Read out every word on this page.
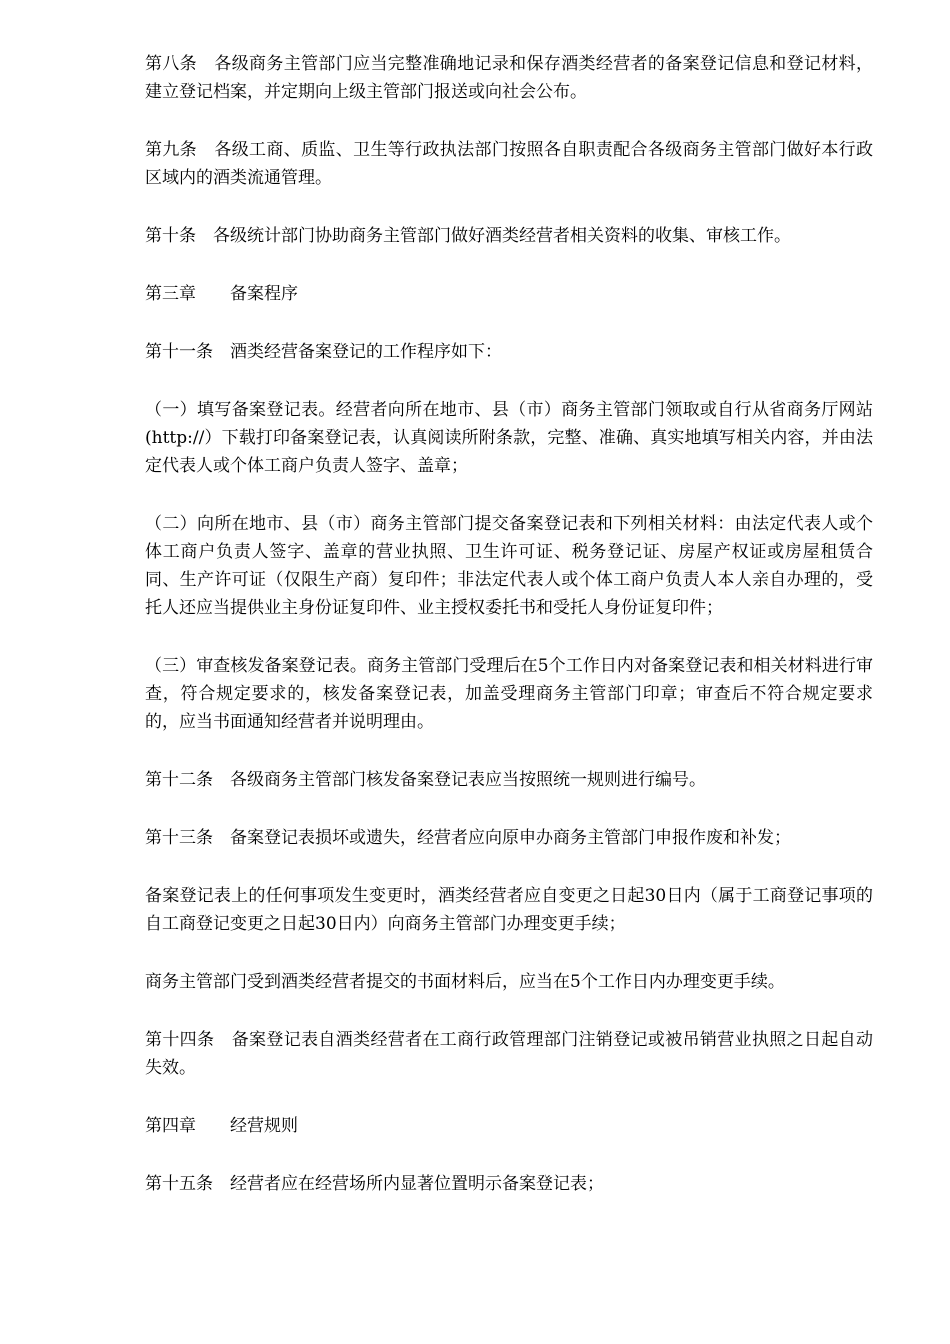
第八条　各级商务主管部门应当完整准确地记录和保存酒类经营者的备案登记信息和登记材料，建立登记档案，并定期向上级主管部门报送或向社会公布。

第九条　各级工商、质监、卫生等行政执法部门按照各自职责配合各级商务主管部门做好本行政区域内的酒类流通管理。

第十条　各级统计部门协助商务主管部门做好酒类经营者相关资料的收集、审核工作。

第三章　　备案程序

第十一条　酒类经营备案登记的工作程序如下：

（一）填写备案登记表。经营者向所在地市、县（市）商务主管部门领取或自行从省商务厅网站(http://）下载打印备案登记表，认真阅读所附条款，完整、准确、真实地填写相关内容，并由法定代表人或个体工商户负责人签字、盖章；

（二）向所在地市、县（市）商务主管部门提交备案登记表和下列相关材料：由法定代表人或个体工商户负责人签字、盖章的营业执照、卫生许可证、税务登记证、房屋产权证或房屋租赁合同、生产许可证（仅限生产商）复印件；非法定代表人或个体工商户负责人本人亲自办理的，受托人还应当提供业主身份证复印件、业主授权委托书和受托人身份证复印件；

（三）审查核发备案登记表。商务主管部门受理后在5个工作日内对备案登记表和相关材料进行审查，符合规定要求的，核发备案登记表，加盖受理商务主管部门印章；审查后不符合规定要求的，应当书面通知经营者并说明理由。

第十二条　各级商务主管部门核发备案登记表应当按照统一规则进行编号。

第十三条　备案登记表损坏或遗失，经营者应向原申办商务主管部门申报作废和补发；

备案登记表上的任何事项发生变更时，酒类经营者应自变更之日起30日内（属于工商登记事项的自工商登记变更之日起30日内）向商务主管部门办理变更手续；

商务主管部门受到酒类经营者提交的书面材料后，应当在5个工作日内办理变更手续。

第十四条　备案登记表自酒类经营者在工商行政管理部门注销登记或被吊销营业执照之日起自动失效。

第四章　　经营规则

第十五条　经营者应在经营场所内显著位置明示备案登记表；
